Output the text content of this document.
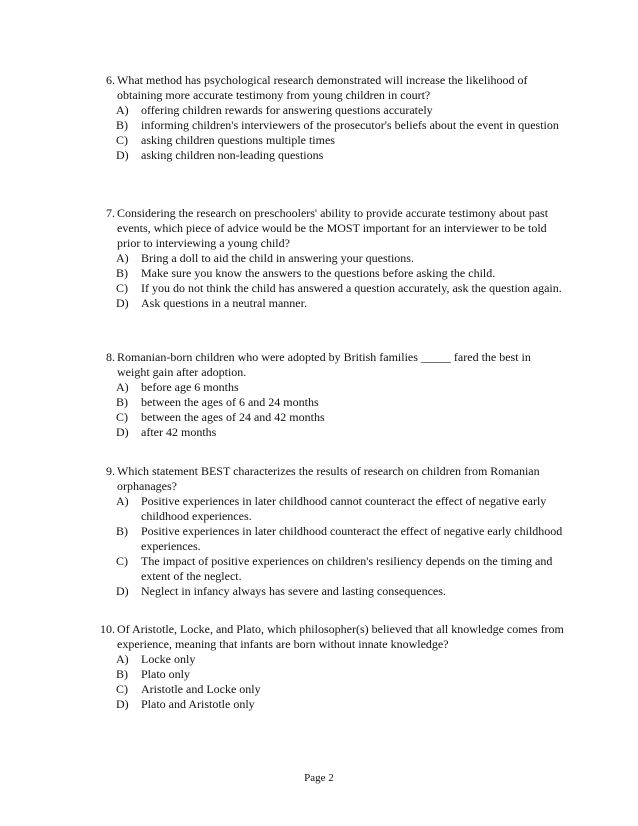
6. What method has psychological research demonstrated will increase the likelihood of obtaining more accurate testimony from young children in court?
A)	offering children rewards for answering questions accurately
B)	informing children's interviewers of the prosecutor's beliefs about the event in question
C)	asking children questions multiple times
D)	asking children non-leading questions
7. Considering the research on preschoolers' ability to provide accurate testimony about past events, which piece of advice would be the MOST important for an interviewer to be told prior to interviewing a young child?
A)	Bring a doll to aid the child in answering your questions.
B)	Make sure you know the answers to the questions before asking the child.
C)	If you do not think the child has answered a question accurately, ask the question again.
D)	Ask questions in a neutral manner.
8. Romanian-born children who were adopted by British families _____ fared the best in weight gain after adoption.
A)	before age 6 months
B)	between the ages of 6 and 24 months
C)	between the ages of 24 and 42 months
D)	after 42 months
9. Which statement BEST characterizes the results of research on children from Romanian orphanages?
A)	Positive experiences in later childhood cannot counteract the effect of negative early childhood experiences.
B)	Positive experiences in later childhood counteract the effect of negative early childhood experiences.
C)	The impact of positive experiences on children's resiliency depends on the timing and extent of the neglect.
D)	Neglect in infancy always has severe and lasting consequences.
10. Of Aristotle, Locke, and Plato, which philosopher(s) believed that all knowledge comes from experience, meaning that infants are born without innate knowledge?
A)	Locke only
B)	Plato only
C)	Aristotle and Locke only
D)	Plato and Aristotle only
Page 2
